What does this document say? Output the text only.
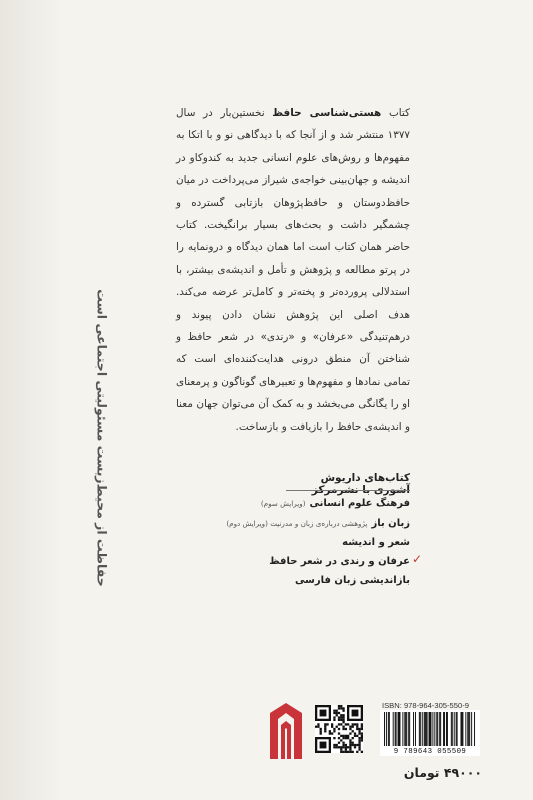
حفاظت از محیط‌زیست مسئولیتی اجتماعی است
کتاب هستی‌شناسی حافظ نخستین‌بار در سال ۱۳۷۷ منتشر شد و از آنجا که با دیدگاهی نو و با اتکا به مفهوم‌ها و روش‌های علوم انسانی جدید به کندوکاو در اندیشه و جهان‌بینی خواجه‌ی شیراز می‌پرداخت در میان حافظ‌دوستان و حافظ‌پژوهان بازتابی گسترده و چشمگیر داشت و بحث‌های بسیار برانگیخت. کتاب حاضر همان کتاب است اما همان دیدگاه و درونمایه را در پرتو مطالعه و پژوهش و تأمل و اندیشه‌ی بیشتر، با استدلالی پرورده‌تر و پخته‌تر و کامل‌تر عرضه می‌کند. هدف اصلی این پژوهش نشان دادن پیوند و درهم‌تنیدگی «عرفان» و «رندی» در شعر حافظ و شناختن آن منطق درونی هدایت‌کننده‌ای است که تمامی نمادها و مفهوم‌ها و تعبیرهای گوناگون و پرمعنای او را یگانگی می‌بخشد و به کمک آن می‌توان جهان معنا و اندیشه‌ی حافظ را بازیافت و بازساخت.
کتاب‌های داریوش آشوری با نشرمرکز
فرهنگ علوم انسانی(ویرایش سوم)
زبان بازپژوهشی درباره‌ی زبان و مدرنیت (ویرایش دوم)
شعر و اندیشه
عرفان و رندی در شعر حافظ ✓
بازاندیشی زبان فارسی
ISBN: 978-964-305-550-9
9 789643 055509
۴۹۰۰۰ تومان
